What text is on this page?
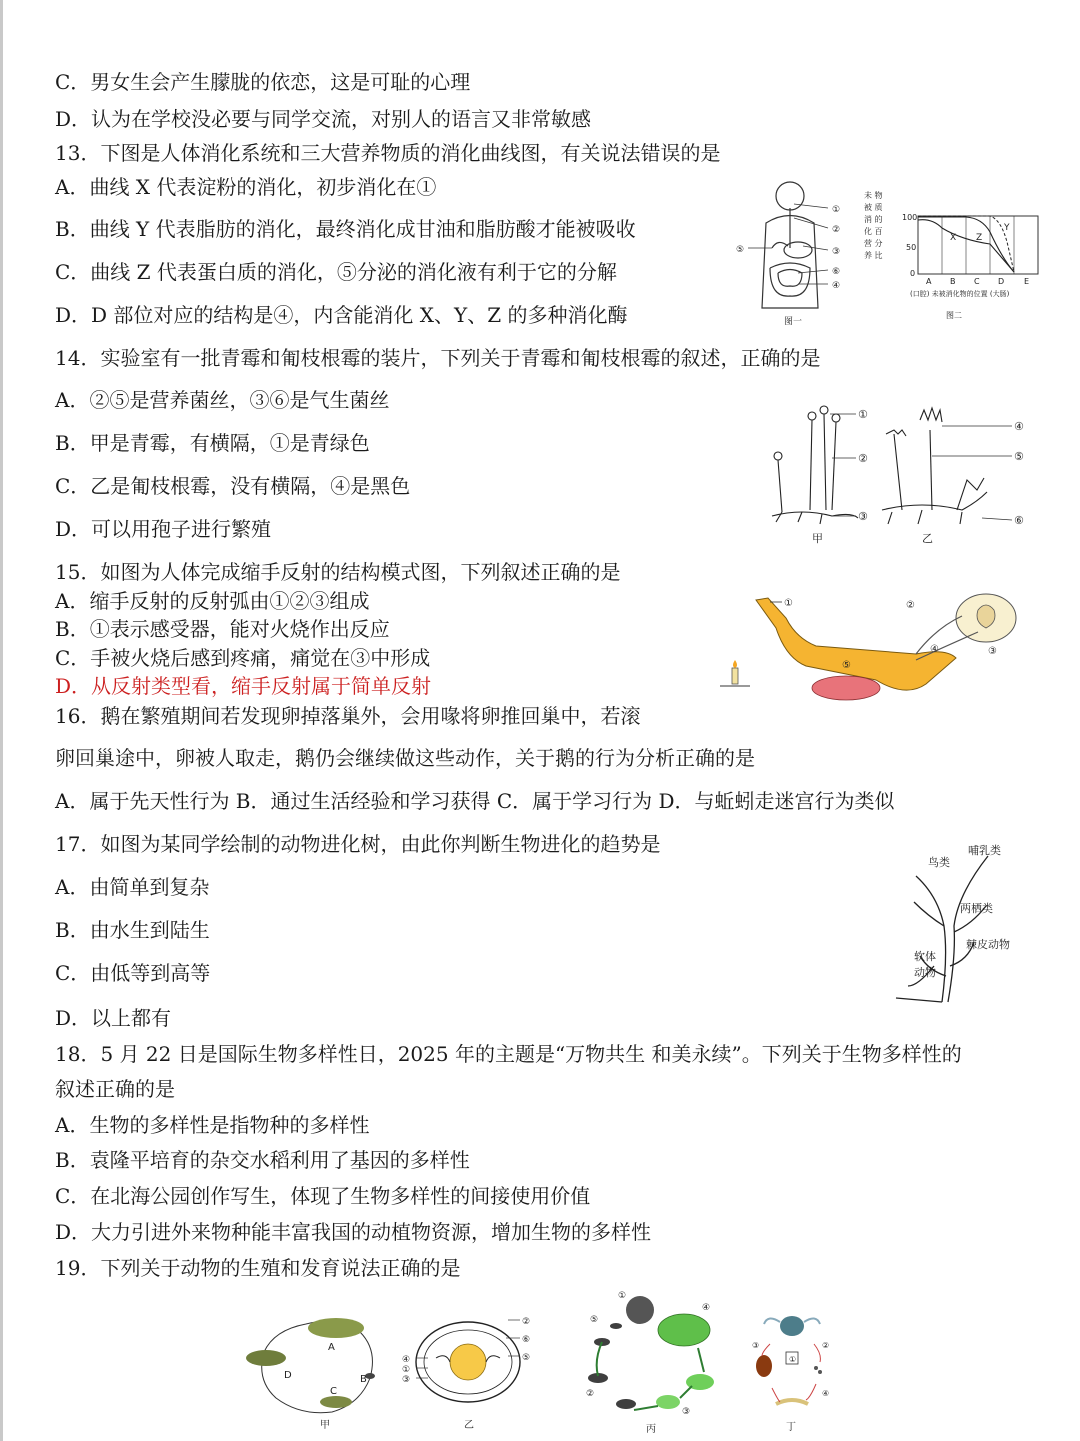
C．男女生会产生朦胧的依恋，这是可耻的心理
D．认为在学校没必要与同学交流，对别人的语言又非常敏感
13．下图是人体消化系统和三大营养物质的消化曲线图，有关说法错误的是
A．曲线 X 代表淀粉的消化，初步消化在①
B．曲线 Y 代表脂肪的消化，最终消化成甘油和脂肪酸才能被吸收
C．曲线 Z 代表蛋白质的消化，⑤分泌的消化液有利于它的分解
D．D 部位对应的结构是④，内含能消化 X、Y、Z 的多种消化酶
①
②
③
⑥
④
⑤
图一
未 物
被 质
消 的
化 百
营 分
养 比
100
50
0
X Z
Y
A B C D E
(口腔) 未被消化物的位置 (大肠)
图二
14．实验室有一批青霉和匍枝根霉的装片，下列关于青霉和匍枝根霉的叙述，正确的是
A．②⑤是营养菌丝，③⑥是气生菌丝
B．甲是青霉，有横隔，①是青绿色
C．乙是匍枝根霉，没有横隔，④是黑色
D．可以用孢子进行繁殖
①
②
③
④
⑤
⑥
甲	乙
15．如图为人体完成缩手反射的结构模式图，下列叙述正确的是
A．缩手反射的反射弧由①②③组成
B．①表示感受器，能对火烧作出反应
C．手被火烧后感到疼痛，痛觉在③中形成
D．从反射类型看，缩手反射属于简单反射
①	②
③
④
⑤
16．鹅在繁殖期间若发现卵掉落巢外，会用喙将卵推回巢中，若滚
卵回巢途中，卵被人取走，鹅仍会继续做这些动作，关于鹅的行为分析正确的是
A．属于先天性行为 B．通过生活经验和学习获得 C．属于学习行为 D．与蚯蚓走迷宫行为类似
17．如图为某同学绘制的动物进化树，由此你判断生物进化的趋势是
A．由简单到复杂
B．由水生到陆生
C．由低等到高等
D．以上都有
鸟类
哺乳类
两栖类
棘皮动物
软体
动物
18．5 月 22 日是国际生物多样性日，2025 年的主题是“万物共生 和美永续”。下列关于生物多样性的
叙述正确的是
A．生物的多样性是指物种的多样性
B．袁隆平培育的杂交水稻利用了基因的多样性
C．在北海公园创作写生，体现了生物多样性的间接使用价值
D．大力引进外来物种能丰富我国的动植物资源，增加生物的多样性
19．下列关于动物的生殖和发育说法正确的是
A
B
C
D
甲
②
⑥
⑤
④
①
③
乙
①
④
⑤
②
③
丙
①
③	②
④
丁
